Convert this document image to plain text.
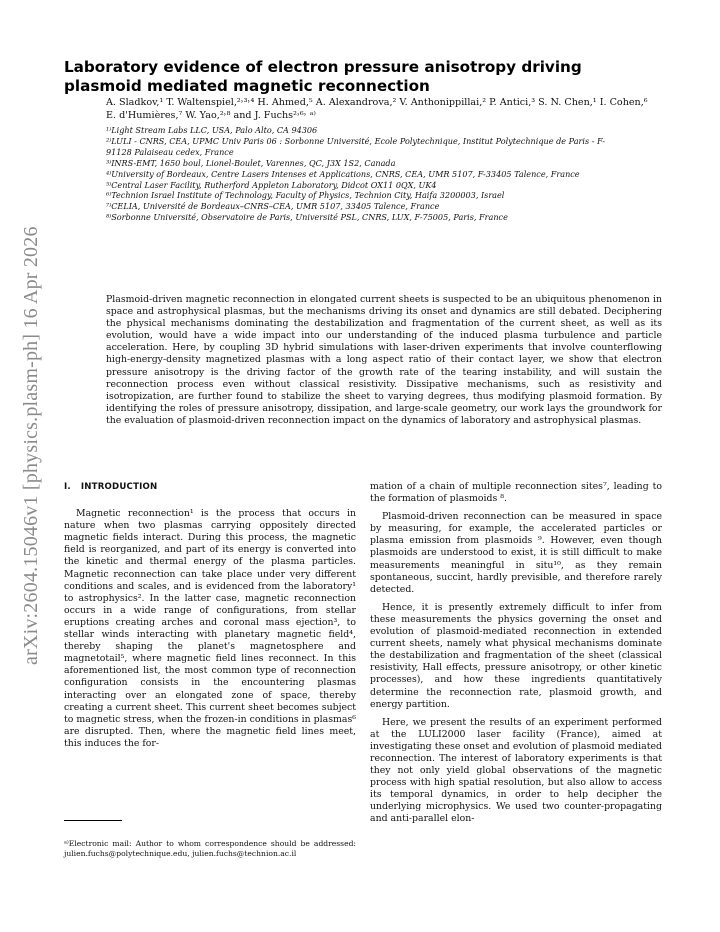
arXiv:2604.15046v1 [physics.plasm-ph] 16 Apr 2026
Laboratory evidence of electron pressure anisotropy driving plasmoid mediated magnetic reconnection

A. Sladkov,¹ T. Waltenspiel,²˒³˒⁴ H. Ahmed,⁵ A. Alexandrova,² V. Anthonippillai,² P. Antici,³ S. N. Chen,¹ I. Cohen,⁶ E. d'Humières,⁷ W. Yao,²˒⁸ and J. Fuchs²˒⁶˒ ᵃ⁾

¹⁾Light Stream Labs LLC, USA, Palo Alto, CA 94306
²⁾LULI - CNRS, CEA, UPMC Univ Paris 06 : Sorbonne Université, Ecole Polytechnique, Institut Polytechnique de Paris - F-91128 Palaiseau cedex, France
³⁾INRS-EMT, 1650 boul, Lionel-Boulet, Varennes, QC, J3X 1S2, Canada
⁴⁾University of Bordeaux, Centre Lasers Intenses et Applications, CNRS, CEA, UMR 5107, F-33405 Talence, France
⁵⁾Central Laser Facility, Rutherford Appleton Laboratory, Didcot OX11 0QX, UK4
⁶⁾Technion Israel Institute of Technology, Faculty of Physics, Technion City, Haifa 3200003, Israel
⁷⁾CELIA, Université de Bordeaux–CNRS–CEA, UMR 5107, 33405 Talence, France
⁸⁾Sorbonne Université, Observatoire de Paris, Université PSL, CNRS, LUX, F-75005, Paris, France

Plasmoid-driven magnetic reconnection in elongated current sheets is suspected to be an ubiquitous phenomenon in space and astrophysical plasmas, but the mechanisms driving its onset and dynamics are still debated. Deciphering the physical mechanisms dominating the destabilization and fragmentation of the current sheet, as well as its evolution, would have a wide impact into our understanding of the induced plasma turbulence and particle acceleration. Here, by coupling 3D hybrid simulations with laser-driven experiments that involve counterflowing high-energy-density magnetized plasmas with a long aspect ratio of their contact layer, we show that electron pressure anisotropy is the driving factor of the growth rate of the tearing instability, and will sustain the reconnection process even without classical resistivity. Dissipative mechanisms, such as resistivity and isotropization, are further found to stabilize the sheet to varying degrees, thus modifying plasmoid formation. By identifying the roles of pressure anisotropy, dissipation, and large-scale geometry, our work lays the groundwork for the evaluation of plasmoid-driven reconnection impact on the dynamics of laboratory and astrophysical plasmas.

I. INTRODUCTION

Magnetic reconnection¹ is the process that occurs in nature when two plasmas carrying oppositely directed magnetic fields interact. During this process, the magnetic field is reorganized, and part of its energy is converted into the kinetic and thermal energy of the plasma particles. Magnetic reconnection can take place under very different conditions and scales, and is evidenced from the laboratory¹ to astrophysics². In the latter case, magnetic reconnection occurs in a wide range of configurations, from stellar eruptions creating arches and coronal mass ejection³, to stellar winds interacting with planetary magnetic field⁴, thereby shaping the planet's magnetosphere and magnetotail⁵, where magnetic field lines reconnect. In this aforementioned list, the most common type of reconnection configuration consists in the encountering plasmas interacting over an elongated zone of space, thereby creating a current sheet. This current sheet becomes subject to magnetic stress, when the frozen-in conditions in plasmas⁶ are disrupted. Then, where the magnetic field lines meet, this induces the for-

mation of a chain of multiple reconnection sites⁷, leading to the formation of plasmoids ⁸.

Plasmoid-driven reconnection can be measured in space by measuring, for example, the accelerated particles or plasma emission from plasmoids ⁹. However, even though plasmoids are understood to exist, it is still difficult to make measurements meaningful in situ¹⁰, as they remain spontaneous, succint, hardly previsible, and therefore rarely detected.

Hence, it is presently extremely difficult to infer from these measurements the physics governing the onset and evolution of plasmoid-mediated reconnection in extended current sheets, namely what physical mechanisms dominate the destabilization and fragmentation of the sheet (classical resistivity, Hall effects, pressure anisotropy, or other kinetic processes), and how these ingredients quantitatively determine the reconnection rate, plasmoid growth, and energy partition.

Here, we present the results of an experiment performed at the LULI2000 laser facility (France), aimed at investigating these onset and evolution of plasmoid mediated reconnection. The interest of laboratory experiments is that they not only yield global observations of the magnetic process with high spatial resolution, but also allow to access its temporal dynamics, in order to help decipher the underlying microphysics. We used two counter-propagating and anti-parallel elon-

ᵃ⁾Electronic mail: Author to whom correspondence should be addressed: julien.fuchs@polytechnique.edu, julien.fuchs@technion.ac.il
